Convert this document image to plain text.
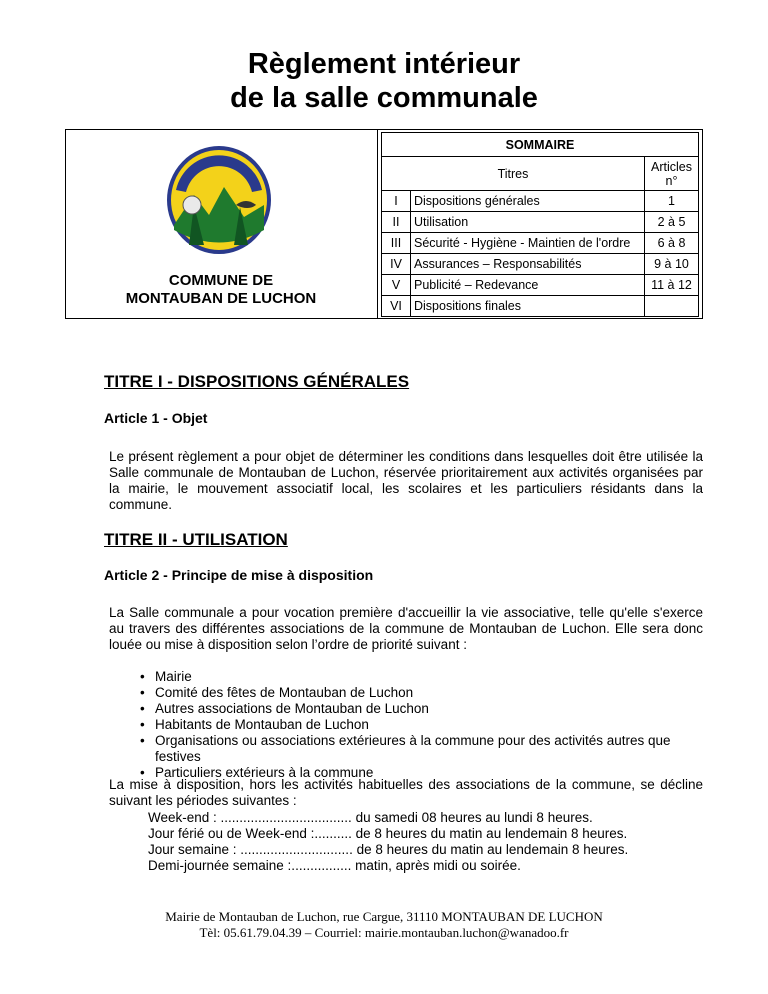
Règlement intérieur
de la salle communale
COMMUNE DE
MONTAUBAN DE LUCHON
SOMMAIRE		
Titres		Articles n°
I	Dispositions générales	1
II	Utilisation	2 à 5
III	Sécurité - Hygiène - Maintien de l'ordre	6 à 8
IV	Assurances – Responsabilités	9 à 10
V	Publicité – Redevance	11 à 12
VI	Dispositions finales	
TITRE I - DISPOSITIONS GÉNÉRALES
Article 1 - Objet
Le présent règlement a pour objet de déterminer les conditions dans lesquelles doit être utilisée la Salle communale de Montauban de Luchon, réservée prioritairement aux activités organisées par la mairie, le mouvement associatif local, les scolaires et les particuliers résidants dans la commune.
TITRE II - UTILISATION
Article 2 - Principe de mise à disposition
La Salle communale a pour vocation première d'accueillir la vie associative, telle qu'elle s'exerce au travers des différentes associations de la commune de Montauban de Luchon. Elle sera donc louée ou mise à disposition selon l’ordre de priorité suivant :
• Mairie
• Comité des fêtes de Montauban de Luchon
• Autres associations de Montauban de Luchon
• Habitants de Montauban de Luchon
• Organisations ou associations extérieures à la commune pour des activités autres que festives
• Particuliers extérieurs à la commune
La mise à disposition, hors les activités habituelles des associations de la commune, se décline suivant les périodes suivantes :
Week-end : ................................... du samedi 08 heures au lundi 8 heures.
Jour férié ou de Week-end :.......... de 8 heures du matin au lendemain 8 heures.
Jour semaine : .............................. de 8 heures du matin au lendemain 8 heures.
Demi-journée semaine :................ matin, après midi ou soirée.
Mairie de Montauban de Luchon, rue Cargue, 31110 MONTAUBAN DE LUCHON
Tèl: 05.61.79.04.39 – Courriel: mairie.montauban.luchon@wanadoo.fr
